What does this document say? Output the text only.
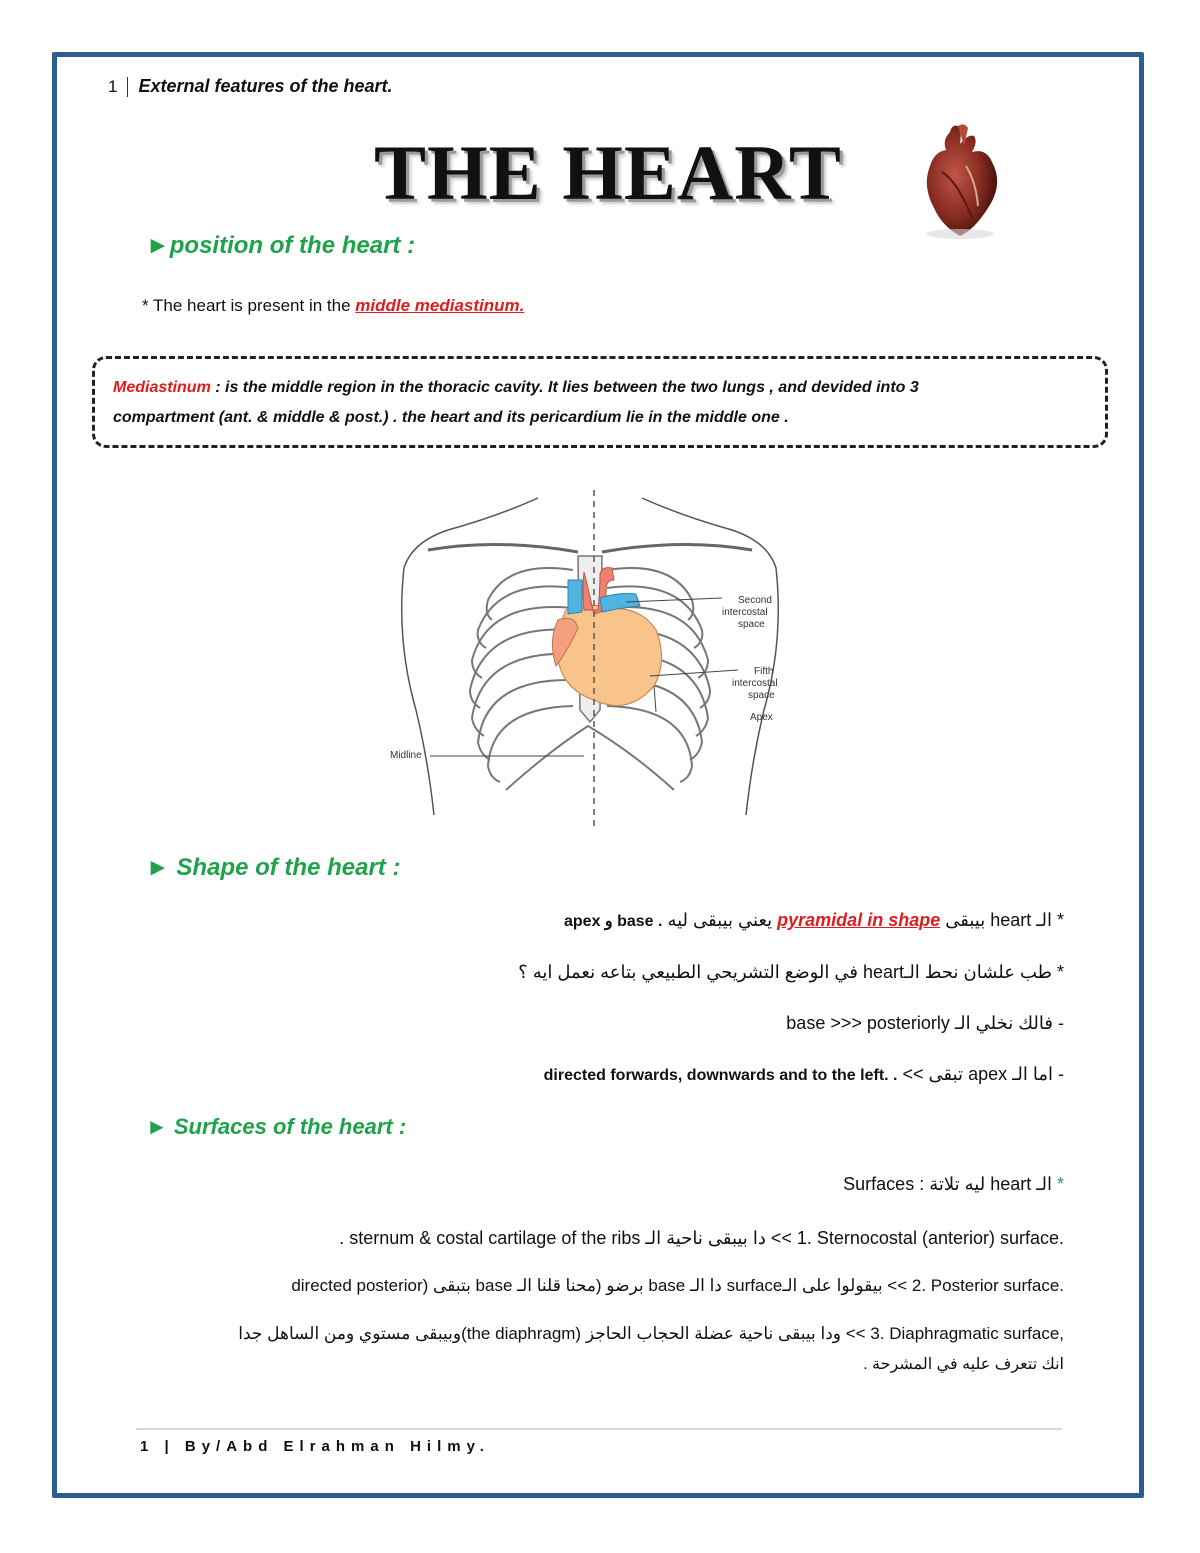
1	External features of the heart.
THE HEART
►position of the heart :
* The heart is present in the middle mediastinum.
Mediastinum : is the middle region in the thoracic cavity. It lies between the two lungs , and devided into 3
compartment (ant. & middle & post.) . the heart and its pericardium lie in the middle one .
Second
intercostal
space
Fifth
intercostal
space
Apex
Midline
► Shape of the heart :
* الـ heart بيبقى pyramidal in shape يعني بيبقى ليه apex و base .
* طب علشان نحط الـheart في الوضع التشريحي الطبيعي بتاعه نعمل ايه ؟
- فالك نخلي الـ base >>> posteriorly
- اما الـ apex تبقى >> directed forwards, downwards and to the left. .
► Surfaces of the heart :
* الـ heart ليه تلاتة Surfaces :
1. Sternocostal (anterior) surface. >> دا بيبقى ناحية الـ . sternum & costal cartilage of the ribs
2. Posterior surface. >> بيقولوا على الـsurface دا الـ base برضو (محنا قلنا الـ base بتبقى directed posterior)
3. Diaphragmatic surface, >> ودا بيبقى ناحية عضلة الحجاب الحاجز (the diaphragm)وبيبقى مستوي ومن الساهل جدا
انك تتعرف عليه في المشرحة .
1 | By/Abd Elrahman Hilmy.
